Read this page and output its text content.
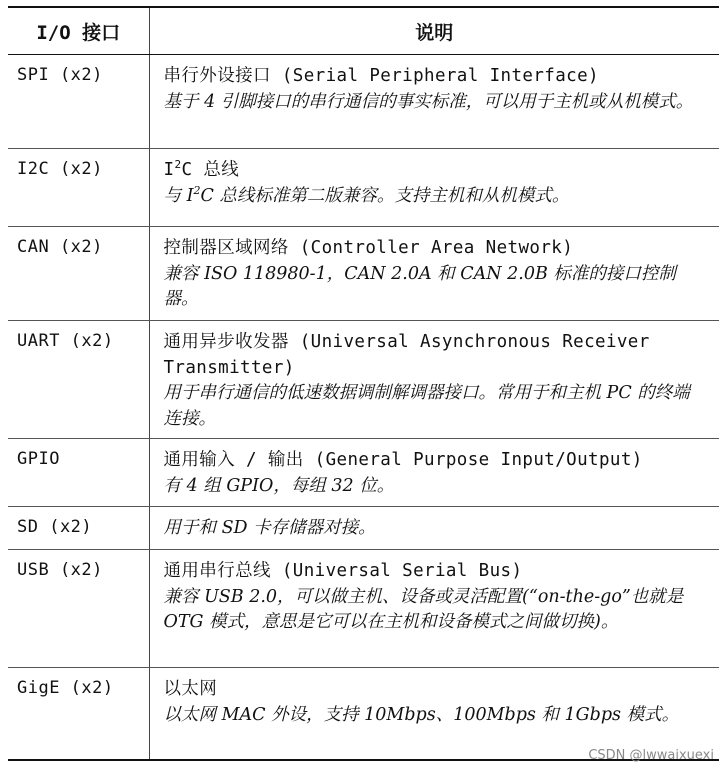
I/O 接口	说明
SPI (x2)	串行外设接口 (Serial Peripheral Interface)
基于 4 引脚接口的串行通信的事实标准，可以用于主机或从机模式。

I2C (x2)	$I^2C$ 总线
与 $I^2C$ 总线标准第二版兼容。支持主机和从机模式。

CAN (x2)	控制器区域网络 (Controller Area Network)
兼容 ISO 118980-1，CAN 2.0A 和 CAN 2.0B 标准的接口控制器。

UART (x2)	通用异步收发器 (Universal Asynchronous Receiver Transmitter)
用于串行通信的低速数据调制解调器接口。常用于和主机 PC 的终端连接。

GPIO	通用输入 / 输出 (General Purpose Input/Output)
有 4 组 GPIO，每组 32 位。

SD (x2)	用于和 SD 卡存储器对接。

USB (x2)	通用串行总线 (Universal Serial Bus)
兼容 USB 2.0，可以做主机、设备或灵活配置(“on-the-go”也就是 OTG 模式，意思是它可以在主机和设备模式之间做切换)。

GigE (x2)	以太网
以太网 MAC 外设，支持 10Mbps、100Mbps 和 1Gbps 模式。
CSDN @lwwaixuexi
